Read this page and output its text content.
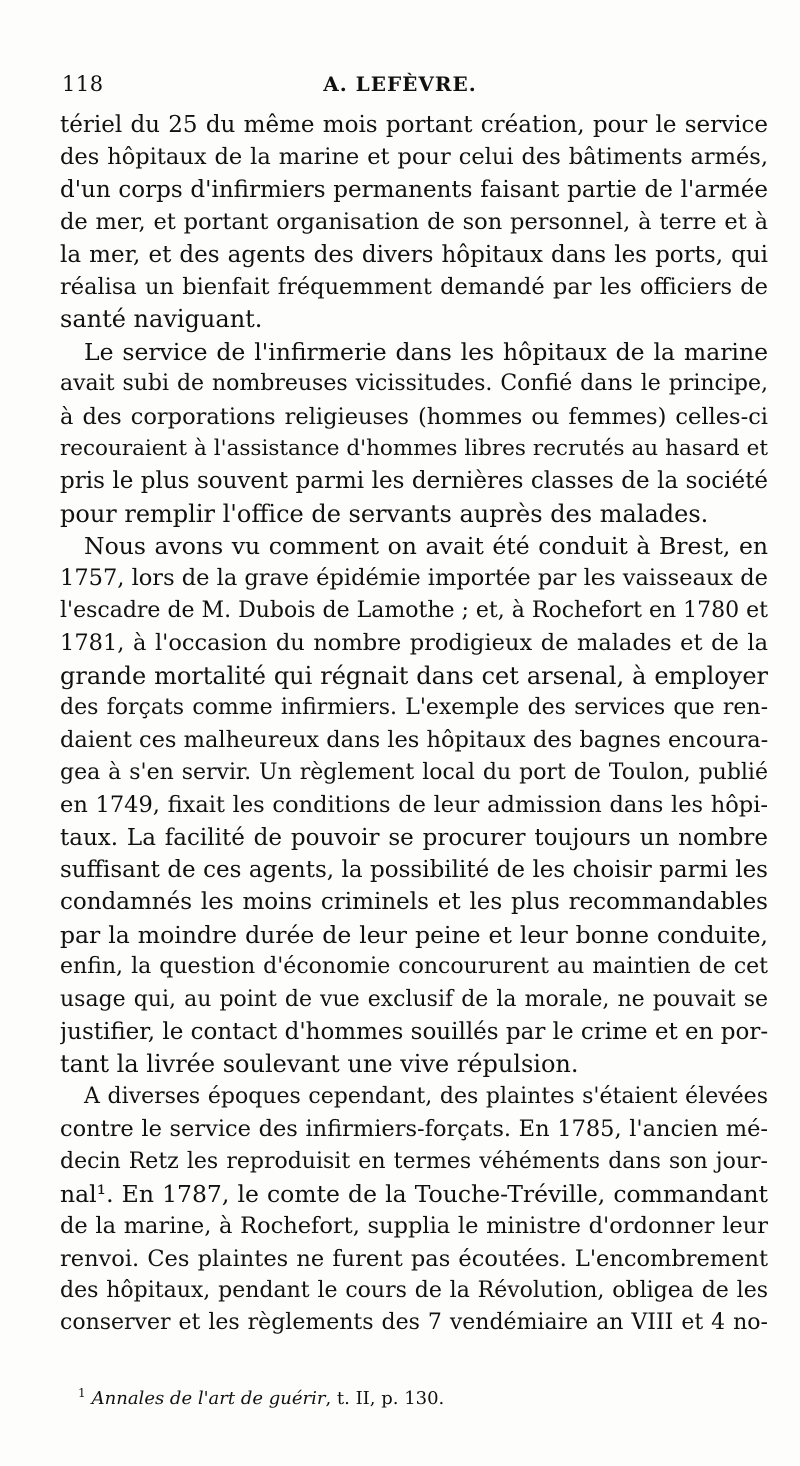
118	A. LEFÈVRE.
tériel du 25 du même mois portant création, pour le service
des hôpitaux de la marine et pour celui des bâtiments armés,
d'un corps d'infirmiers permanents faisant partie de l'armée
de mer, et portant organisation de son personnel, à terre et à
la mer, et des agents des divers hôpitaux dans les ports, qui
réalisa un bienfait fréquemment demandé par les officiers de
santé naviguant.
Le service de l'infirmerie dans les hôpitaux de la marine
avait subi de nombreuses vicissitudes. Confié dans le principe,
à des corporations religieuses (hommes ou femmes) celles-ci
recouraient à l'assistance d'hommes libres recrutés au hasard et
pris le plus souvent parmi les dernières classes de la société
pour remplir l'office de servants auprès des malades.
Nous avons vu comment on avait été conduit à Brest, en
1757, lors de la grave épidémie importée par les vaisseaux de
l'escadre de M. Dubois de Lamothe ; et, à Rochefort en 1780 et
1781, à l'occasion du nombre prodigieux de malades et de la
grande mortalité qui régnait dans cet arsenal, à employer
des forçats comme infirmiers. L'exemple des services que ren-
daient ces malheureux dans les hôpitaux des bagnes encoura-
gea à s'en servir. Un règlement local du port de Toulon, publié
en 1749, fixait les conditions de leur admission dans les hôpi-
taux. La facilité de pouvoir se procurer toujours un nombre
suffisant de ces agents, la possibilité de les choisir parmi les
condamnés les moins criminels et les plus recommandables
par la moindre durée de leur peine et leur bonne conduite,
enfin, la question d'économie concoururent au maintien de cet
usage qui, au point de vue exclusif de la morale, ne pouvait se
justifier, le contact d'hommes souillés par le crime et en por-
tant la livrée soulevant une vive répulsion.
A diverses époques cependant, des plaintes s'étaient élevées
contre le service des infirmiers-forçats. En 1785, l'ancien mé-
decin Retz les reproduisit en termes véhéments dans son jour-
nal¹. En 1787, le comte de la Touche-Tréville, commandant
de la marine, à Rochefort, supplia le ministre d'ordonner leur
renvoi. Ces plaintes ne furent pas écoutées. L'encombrement
des hôpitaux, pendant le cours de la Révolution, obligea de les
conserver et les règlements des 7 vendémiaire an VIII et 4 no-
$^1$ Annales de l'art de guérir, t. II, p. 130.
